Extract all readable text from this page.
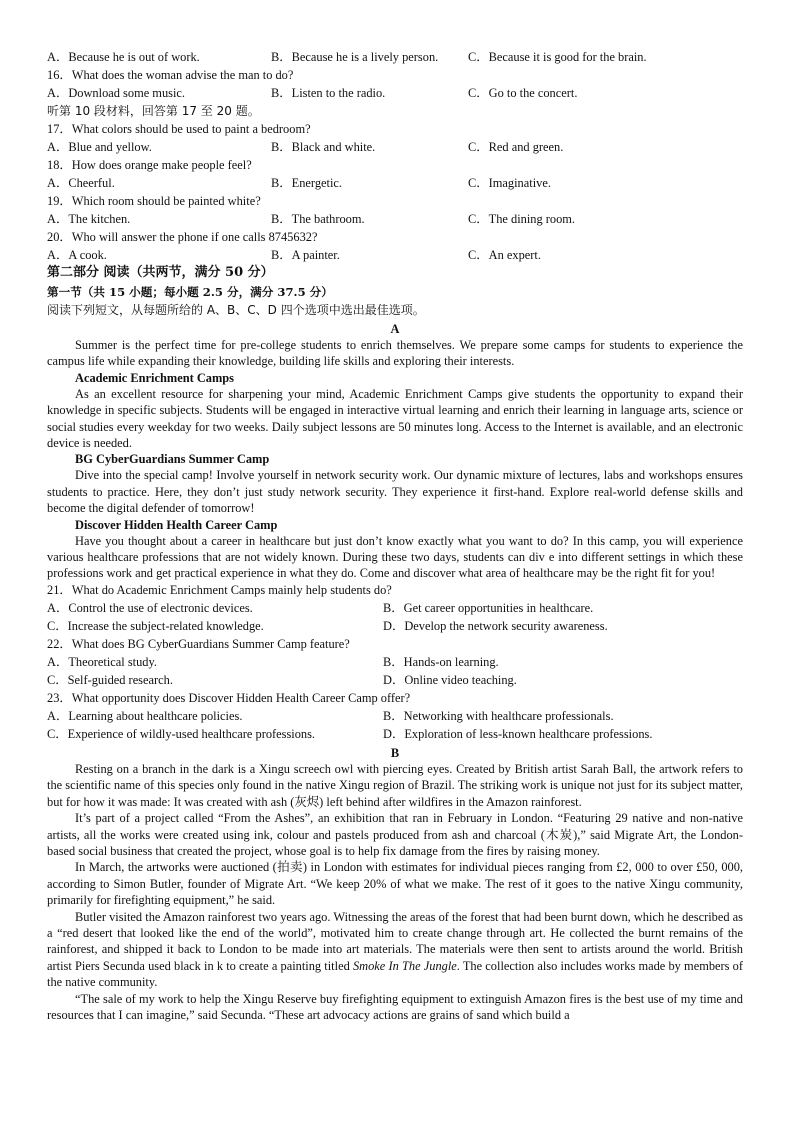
A．Because he is out of work.	B．Because he is a lively person. C．Because it is good for the brain.
16．What does the woman advise the man to do?
A．Download some music.	B．Listen to the radio.	C．Go to the concert.
听第 10 段材料，回答第 17 至 20 题。
17．What colors should be used to paint a bedroom?
A．Blue and yellow.	B．Black and white.	C．Red and green.
18．How does orange make people feel?
A．Cheerful.	B．Energetic.	C．Imaginative.
19．Which room should be painted white?
A．The kitchen.	B．The bathroom.	C．The dining room.
20．Who will answer the phone if one calls 8745632?
A．A cook.	B．A painter.	C．An expert.
第二部分 阅读（共两节，满分 50 分）
第一节（共 15 小题；每小题 2.5 分，满分 37.5 分）
阅读下列短文，从每题所给的 A、B、C、D 四个选项中选出最佳选项。
A

Summer is the perfect time for pre-college students to enrich themselves. We prepare some camps for students to experience the campus life while expanding their knowledge, building life skills and exploring their interests.

Academic Enrichment Camps

As an excellent resource for sharpening your mind, Academic Enrichment Camps give students the opportunity to expand their knowledge in specific subjects. Students will be engaged in interactive virtual learning and enrich their learning in language arts, science or social studies every weekday for two weeks. Daily subject lessons are 50 minutes long. Access to the Internet is available, and an electronic device is needed.

BG CyberGuardians Summer Camp

Dive into the special camp! Involve yourself in network security work. Our dynamic mixture of lectures, labs and workshops ensures students to practice. Here, they don’t just study network security. They experience it first-hand. Explore real-world defense skills and become the digital defender of tomorrow!

Discover Hidden Health Career Camp

Have you thought about a career in healthcare but just don’t know exactly what you want to do? In this camp, you will experience various healthcare professions that are not widely known. During these two days, students can div e into different settings in which these professions work and get practical experience in what they do. Come and discover what area of healthcare may be the right fit for you!

21．What do Academic Enrichment Camps mainly help students do?
A．Control the use of electronic devices.	B．Get career opportunities in healthcare.
C．Increase the subject-related knowledge.	D．Develop the network security awareness.
22．What does BG CyberGuardians Summer Camp feature?
A．Theoretical study.	B．Hands-on learning.
C．Self-guided research.	D．Online video teaching.
23．What opportunity does Discover Hidden Health Career Camp offer?
A．Learning about healthcare policies.	B．Networking with healthcare professionals.
C．Experience of wildly-used healthcare professions.	D．Exploration of less-known healthcare professions.
B

Resting on a branch in the dark is a Xingu screech owl with piercing eyes. Created by British artist Sarah Ball, the artwork refers to the scientific name of this species only found in the native Xingu region of Brazil. The striking work is unique not just for its subject matter, but for how it was made: It was created with ash (灰烬) left behind after wildfires in the Amazon rainforest.

It’s part of a project called “From the Ashes”, an exhibition that ran in February in London. “Featuring 29 native and non-native artists, all the works were created using ink, colour and pastels produced from ash and charcoal (木炭),” said Migrate Art, the London-based social business that created the project, whose goal is to help fix damage from the fires by raising money.

In March, the artworks were auctioned (拍卖) in London with estimates for individual pieces ranging from £2, 000 to over £50, 000, according to Simon Butler, founder of Migrate Art. “We keep 20% of what we make. The rest of it goes to the native Xingu community, primarily for firefighting equipment,” he said.

Butler visited the Amazon rainforest two years ago. Witnessing the areas of the forest that had been burnt down, which he described as a “red desert that looked like the end of the world”, motivated him to create change through art. He collected the burnt remains of the rainforest, and shipped it back to London to be made into art materials. The materials were then sent to artists around the world. British artist Piers Secunda used black in k to create a painting titled Smoke In The Jungle. The collection also includes works made by members of the native community.

“The sale of my work to help the Xingu Reserve buy firefighting equipment to extinguish Amazon fires is the best use of my time and resources that I can imagine,” said Secunda. “These art advocacy actions are grains of sand which build a
